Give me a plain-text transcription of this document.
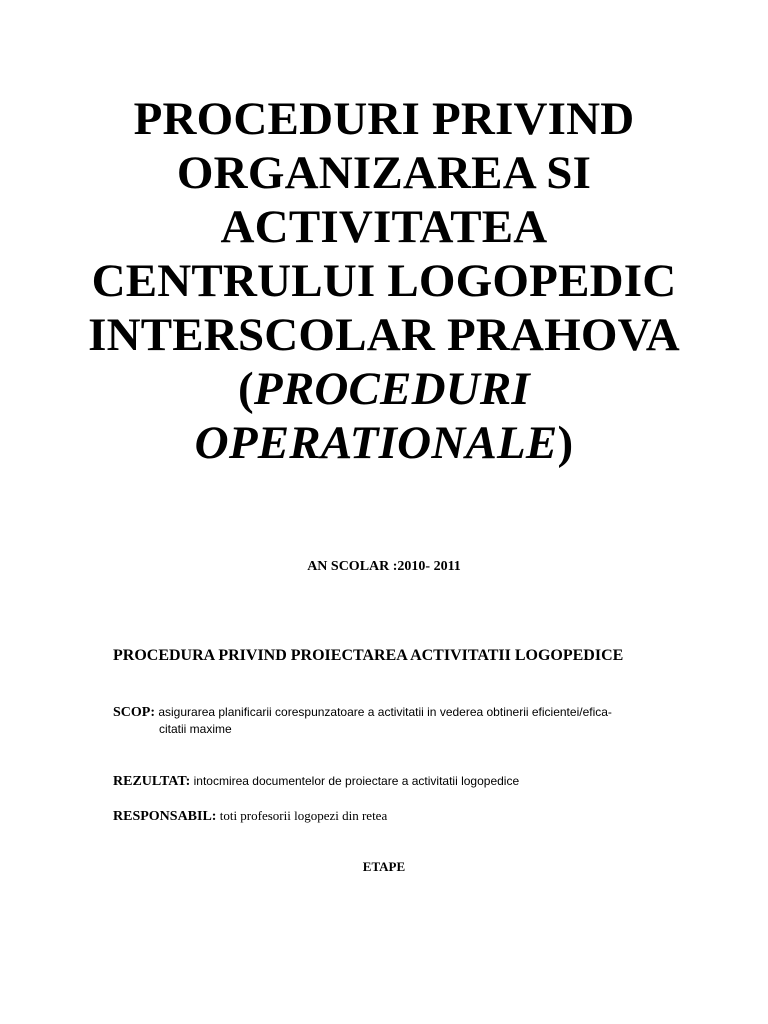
PROCEDURI PRIVIND
ORGANIZAREA SI
ACTIVITATEA
CENTRULUI LOGOPEDIC
INTERSCOLAR PRAHOVA
(PROCEDURI
OPERATIONALE)
AN SCOLAR :2010- 2011
PROCEDURA PRIVIND PROIECTAREA ACTIVITATII LOGOPEDICE
SCOP: asigurarea planificarii corespunzatoare a activitatii in vederea obtinerii eficientei/efica-
citatii maxime
REZULTAT: intocmirea documentelor de proiectare a activitatii logopedice
RESPONSABIL: toti profesorii logopezi din retea
ETAPE
